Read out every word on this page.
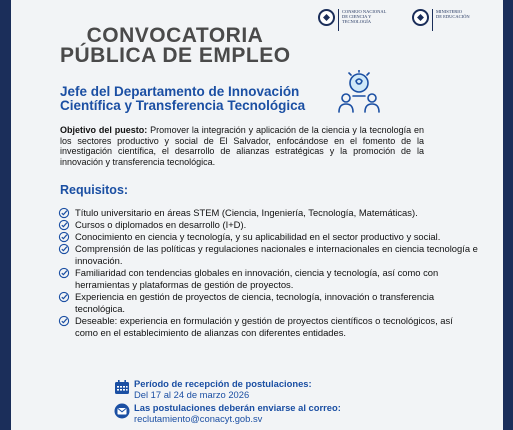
CONVOCATORIA
PÚBLICA DE EMPLEO
CONSEJO NACIONAL
DE CIENCIA Y
TECNOLOGÍA
MINISTERIO
DE EDUCACIÓN
Jefe del Departamento de Innovación
Científica y Transferencia Tecnológica
Objetivo del puesto: Promover la integración y aplicación de la ciencia y la tecnología en los sectores productivo y social de El Salvador, enfocándose en el fomento de la investigación científica, el desarrollo de alianzas estratégicas y la promoción de la innovación y transferencia tecnológica.
Requisitos:
Título universitario en áreas STEM (Ciencia, Ingeniería, Tecnología, Matemáticas).
Cursos o diplomados en desarrollo (I+D).
Conocimiento en ciencia y tecnología, y su aplicabilidad en el sector productivo y social.
Comprensión de las políticas y regulaciones nacionales e internacionales en ciencia tecnología e innovación.
Familiaridad con tendencias globales en innovación, ciencia y tecnología, así como con herramientas y plataformas de gestión de proyectos.
Experiencia en gestión de proyectos de ciencia, tecnología, innovación o transferencia tecnológica.
Deseable: experiencia en formulación y gestión de proyectos científicos o tecnológicos, así como en el establecimiento de alianzas con diferentes entidades.
Período de recepción de postulaciones:
Del 17 al 24 de marzo 2026
Las postulaciones deberán enviarse al correo:
reclutamiento@conacyt.gob.sv
